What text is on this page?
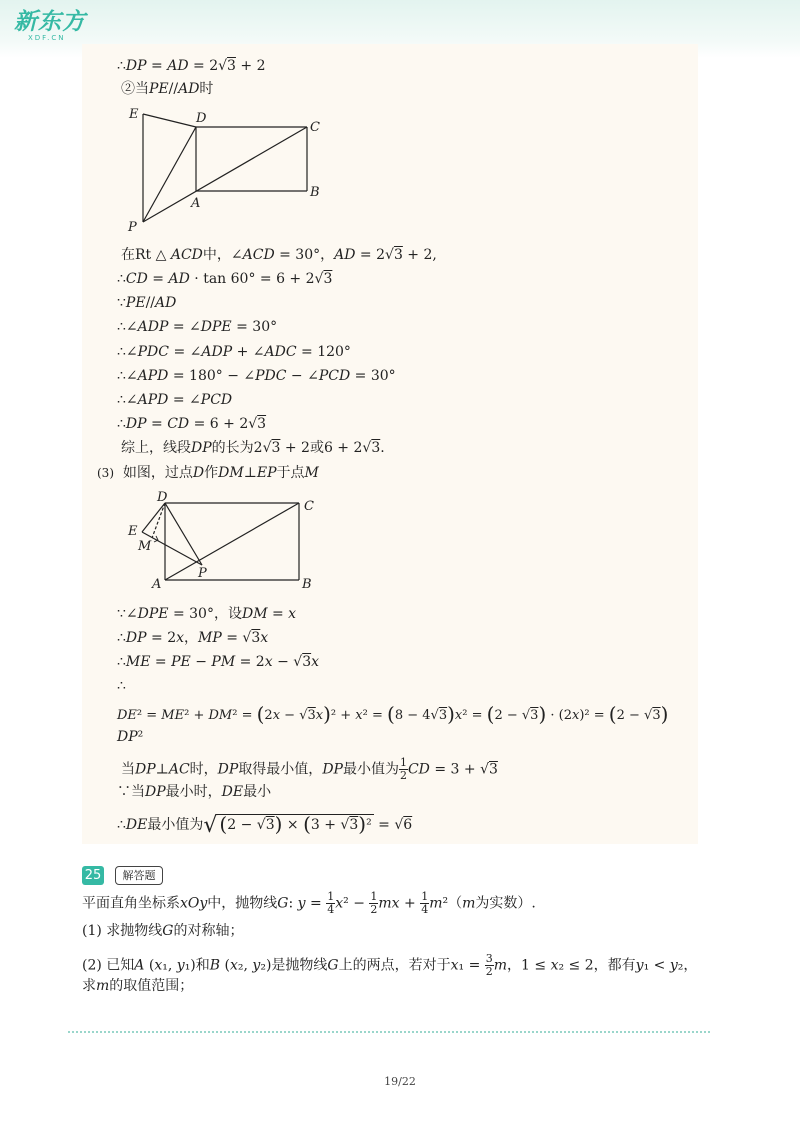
新东方
XDF.CN
∴DP = AD = 2√3 + 2
②当PE//AD时
E	D
C
A
B
P
在Rt △ ACD中，∠ACD = 30°，AD = 2√3 + 2,
∴CD = AD · tan 60° = 6 + 2√3
∵PE//AD
∴∠ADP = ∠DPE = 30°
∴∠PDC = ∠ADP + ∠ADC = 120°
∴∠APD = 180° − ∠PDC − ∠PCD = 30°
∴∠APD = ∠PCD
∴DP = CD = 6 + 2√3
综上，线段DP的长为2√3 + 2或6 + 2√3.
(3) 如图，过点D作DM⊥EP于点M
D
C
E
M
A
P
B
∵∠DPE = 30°，设DM = x
∴DP = 2x，MP = √3x
∴ME = PE − PM = 2x − √3x
∴
DE² = ME² + DM² = (2x − √3x)² + x² = (8 − 4√3)x² = (2 − √3) · (2x)² = (2 − √3)
DP²
当DP⊥AC时，DP取得最小值，DP最小值为 $\frac{1}{2}$ CD = 3 + √3
∵当DP最小时，DE最小
∴DE最小值为√ (2 − √3) × (3 + √3)² = √6
25	解答题
平面直角坐标系xOy中，抛物线G: $y = \frac{1}{4} x^2 - \frac{1}{2}$ mx + $\frac{1}{4} m^2(m$为实数）.
(1) 求抛物线G的对称轴；
(2) 已知A (x₁, y₁)和B (x₂, y₂)是抛物线G上的两点，若对于$x_1 = \frac{3}{2}$ m，1 ≤ x₂ ≤ 2，都有y₁ < y₂，
求m的取值范围；
19/22
